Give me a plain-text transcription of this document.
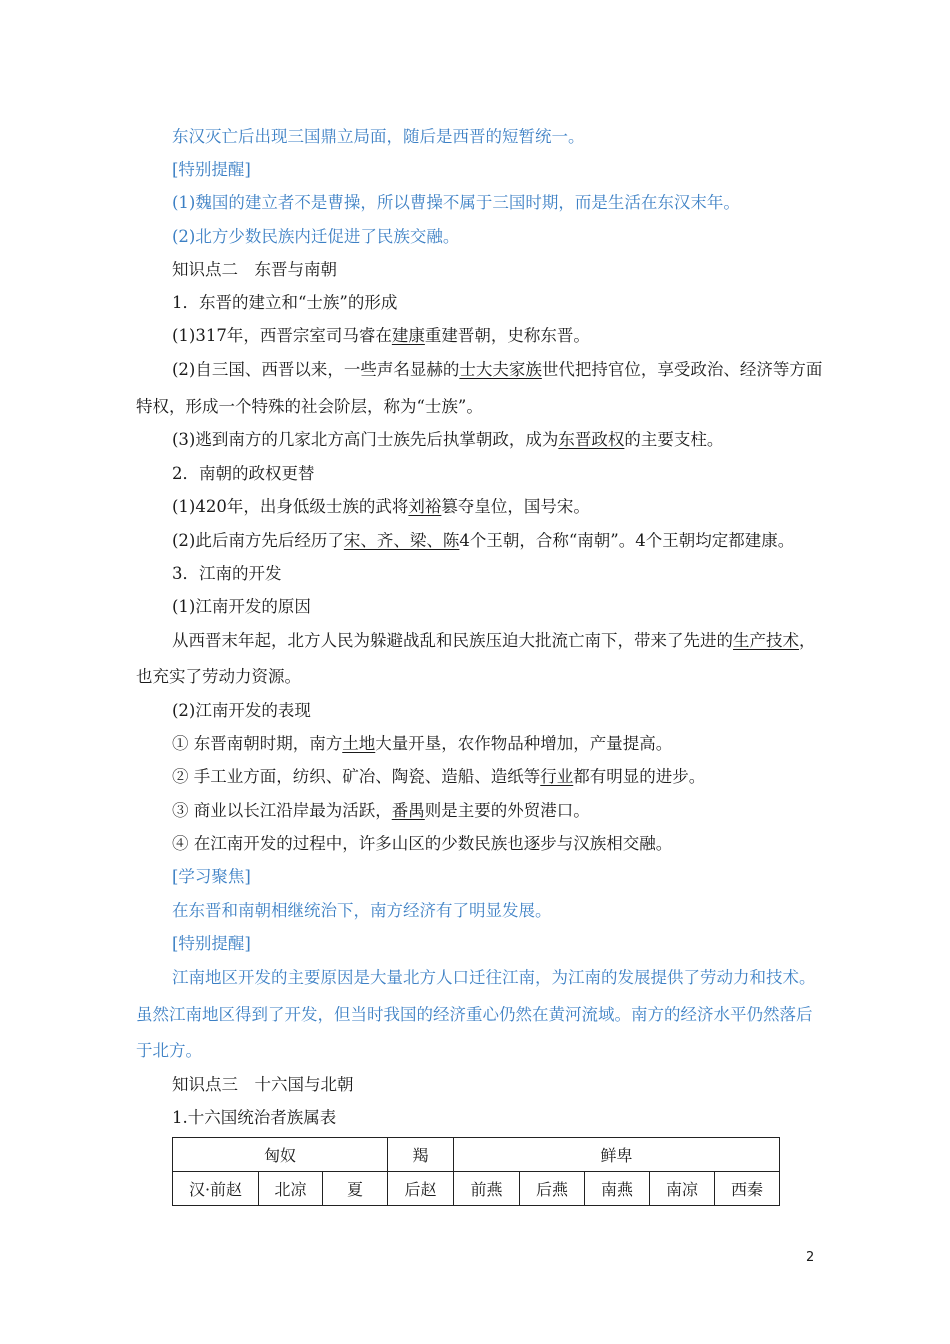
东汉灭亡后出现三国鼎立局面，随后是西晋的短暂统一。
[特别提醒]
(1)魏国的建立者不是曹操，所以曹操不属于三国时期，而是生活在东汉末年。
(2)北方少数民族内迁促进了民族交融。
知识点二　东晋与南朝
1．东晋的建立和“士族”的形成
(1)317年，西晋宗室司马睿在建康重建晋朝，史称东晋。
(2)自三国、西晋以来，一些声名显赫的士大夫家族世代把持官位，享受政治、经济等方面
特权，形成一个特殊的社会阶层，称为“士族”。
(3)逃到南方的几家北方高门士族先后执掌朝政，成为东晋政权的主要支柱。
2．南朝的政权更替
(1)420年，出身低级士族的武将刘裕篡夺皇位，国号宋。
(2)此后南方先后经历了宋、齐、梁、陈4个王朝，合称“南朝”。4个王朝均定都建康。
3．江南的开发
(1)江南开发的原因
从西晋末年起，北方人民为躲避战乱和民族压迫大批流亡南下，带来了先进的生产技术，
也充实了劳动力资源。
(2)江南开发的表现
① 东晋南朝时期，南方土地大量开垦，农作物品种增加，产量提高。
② 手工业方面，纺织、矿冶、陶瓷、造船、造纸等行业都有明显的进步。
③ 商业以长江沿岸最为活跃，番禺则是主要的外贸港口。
④ 在江南开发的过程中，许多山区的少数民族也逐步与汉族相交融。
[学习聚焦]
在东晋和南朝相继统治下，南方经济有了明显发展。
[特别提醒]
江南地区开发的主要原因是大量北方人口迁往江南，为江南的发展提供了劳动力和技术。
虽然江南地区得到了开发，但当时我国的经济重心仍然在黄河流域。南方的经济水平仍然落后
于北方。
知识点三　十六国与北朝
1.十六国统治者族属表
匈奴			羯	鲜卑				
汉·前赵	北凉	夏	后赵	前燕	后燕	南燕	南凉	西秦
2
